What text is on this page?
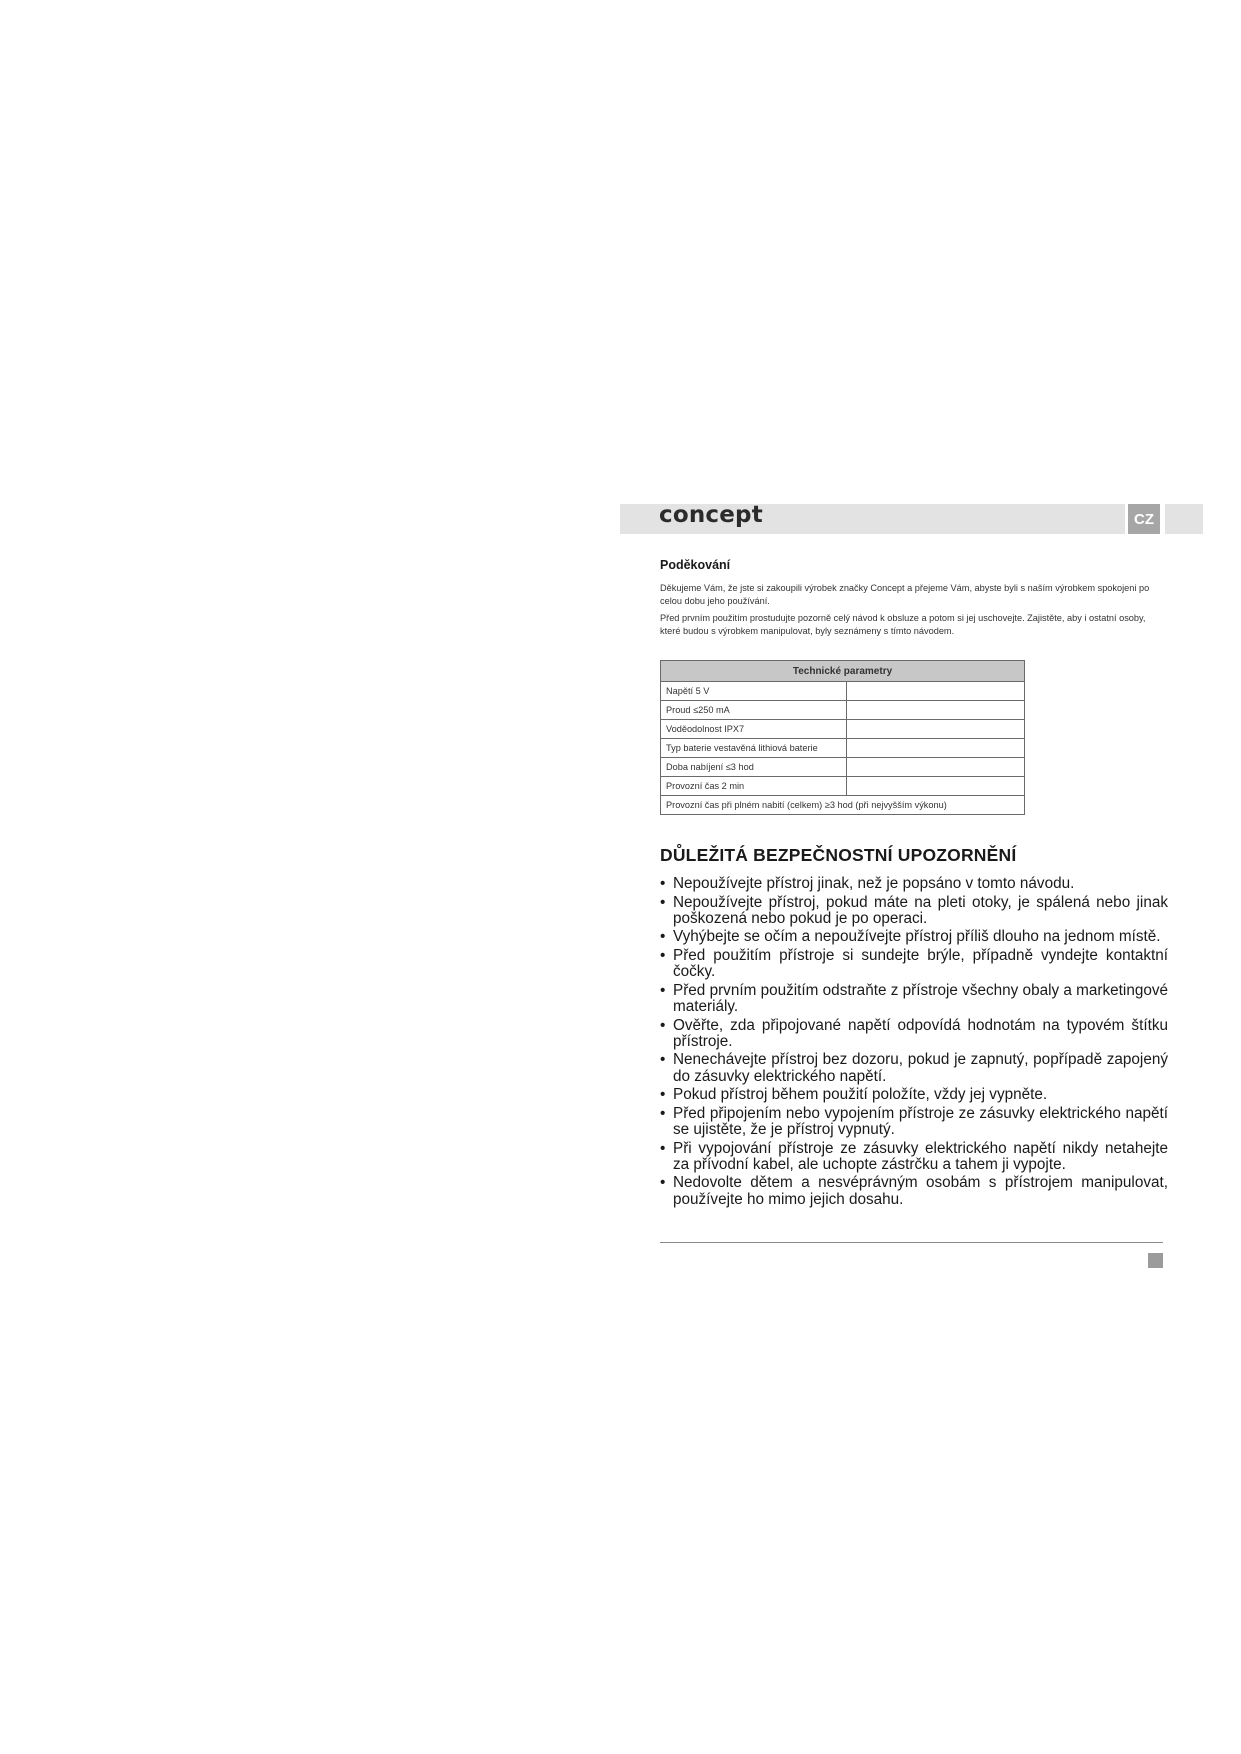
concept	CZ
Poděkování

Děkujeme Vám, že jste si zakoupili výrobek značky Concept a přejeme Vám, abyste byli s naším výrobkem spokojeni po celou dobu jeho používání.

Před prvním použitím prostudujte pozorně celý návod k obsluze a potom si jej uschovejte. Zajistěte, aby i ostatní osoby, které budou s výrobkem manipulovat, byly seznámeny s tímto návodem.

Technické parametry	
Napětí 5 V	
Proud ≤250 mA	
Voděodolnost IPX7	
Typ baterie vestavěná lithiová baterie	
Doba nabíjení ≤3 hod	
Provozní čas 2 min	
Provozní čas při plném nabití (celkem) ≥3 hod (při nejvyšším výkonu)	
DŮLEŽITÁ BEZPEČNOSTNÍ UPOZORNĚNÍ
• Nepoužívejte přístroj jinak, než je popsáno v tomto návodu.
• Nepoužívejte přístroj, pokud máte na pleti otoky, je spálená nebo jinak poškozená nebo pokud je po operaci.
• Vyhýbejte se očím a nepoužívejte přístroj příliš dlouho na jednom místě.
• Před použitím přístroje si sundejte brýle, případně vyndejte kontaktní čočky.
• Před prvním použitím odstraňte z přístroje všechny obaly a marketingové materiály.
• Ověřte, zda připojované napětí odpovídá hodnotám na typovém štítku přístroje.
• Nenechávejte přístroj bez dozoru, pokud je zapnutý, popřípadě zapojený do zásuvky elektrického napětí.
• Pokud přístroj během použití položíte, vždy jej vypněte.
• Před připojením nebo vypojením přístroje ze zásuvky elektrického napětí se ujistěte, že je přístroj vypnutý.
• Při vypojování přístroje ze zásuvky elektrického napětí nikdy netahejte za přívodní kabel, ale uchopte zástrčku a tahem ji vypojte.
• Nedovolte dětem a nesvéprávným osobám s přístrojem manipulovat, používejte ho mimo jejich dosahu.
